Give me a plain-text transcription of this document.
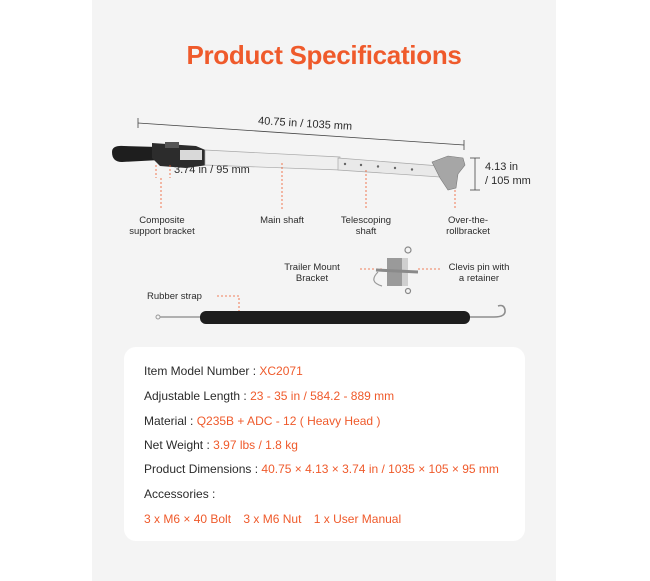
Product Specifications
40.75 in / 1035 mm
3.74 in / 95 mm	4.13 in
/ 105 mm
Composite
support bracket
Main shaft	Telescoping
shaft
Over-the-
rollbracket
Trailer Mount
Bracket
Clevis pin with
a retainer
Rubber strap
Item Model Number : XC2071
Adjustable Length : 23 - 35 in / 584.2 - 889 mm
Material : Q235B + ADC - 12 ( Heavy Head )
Net Weight : 3.97 lbs / 1.8 kg
Product Dimensions : 40.75 × 4.13 × 3.74 in / 1035 × 105 × 95 mm
Accessories :
3 x M6 × 40 Bolt 3 x M6 Nut 1 x User Manual
